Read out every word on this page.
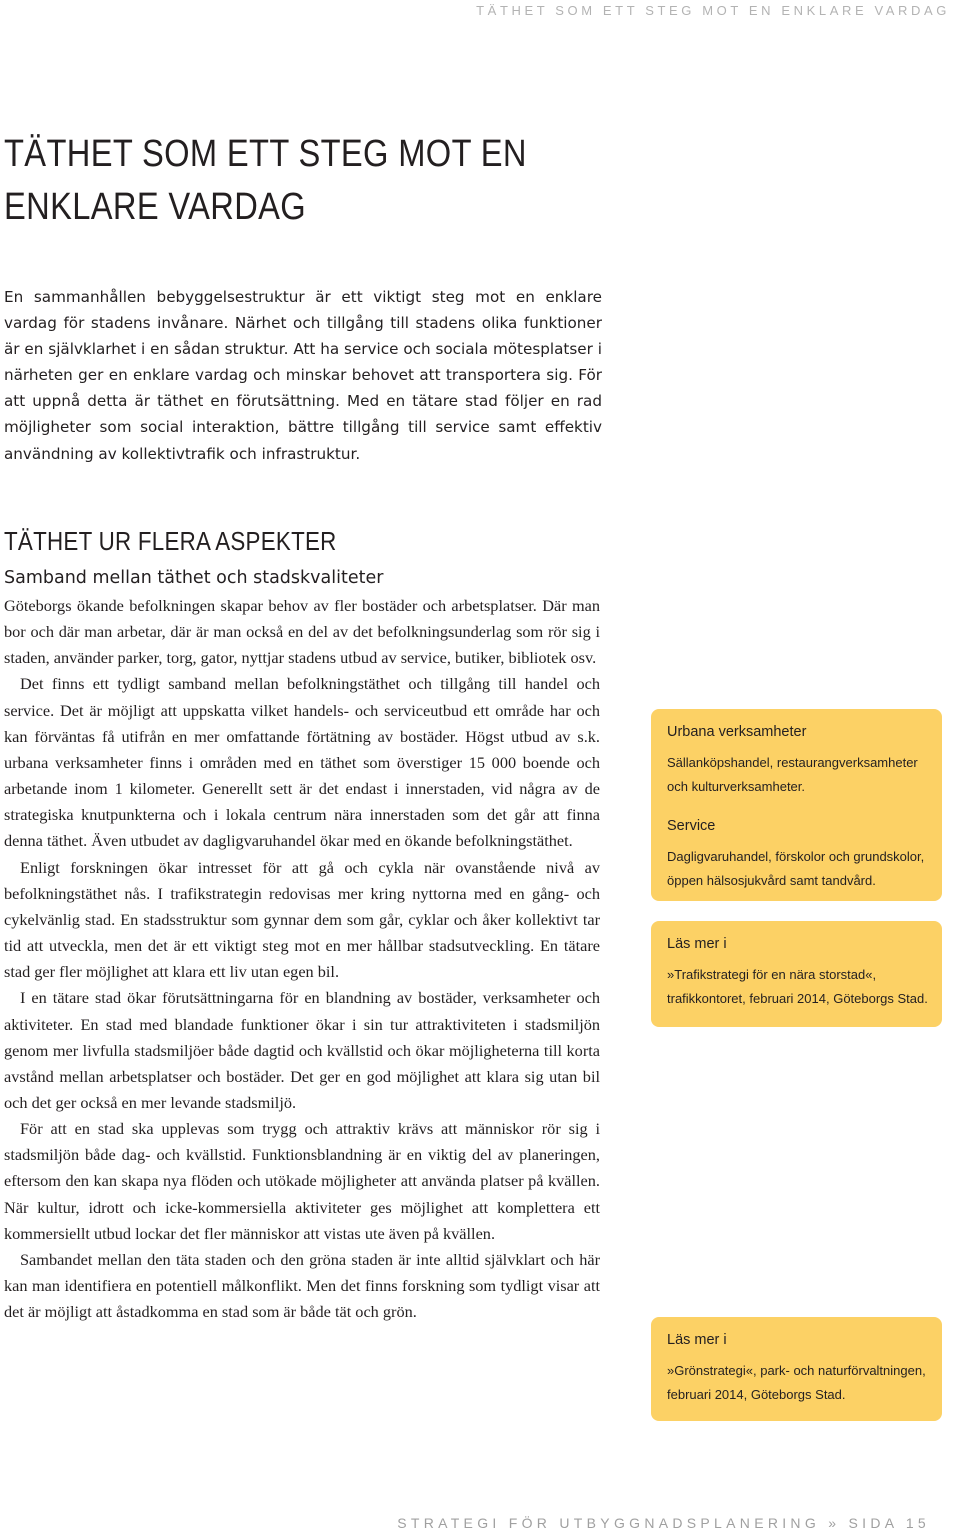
TÄTHET SOM ETT STEG MOT EN ENKLARE VARDAG
TÄTHET SOM ETT STEG MOT EN ENKLARE VARDAG

En sammanhållen bebyggelsestruktur är ett viktigt steg mot en enklare vardag för stadens invånare. Närhet och tillgång till stadens olika funktioner är en självklarhet i en sådan struktur. Att ha service och sociala mötesplatser i närheten ger en enklare vardag och minskar behovet att transportera sig. För att uppnå detta är täthet en förutsättning. Med en tätare stad följer en rad möjligheter som social interaktion, bättre tillgång till service samt effektiv användning av kollektivtrafik och infrastruktur.

TÄTHET UR FLERA ASPEKTER
Samband mellan täthet och stadskvaliteter

Göteborgs ökande befolkningen skapar behov av fler bostäder och arbetsplatser. Där man bor och där man arbetar, där är man också en del av det befolkningsunderlag som rör sig i staden, använder parker, torg, gator, nyttjar stadens utbud av service, butiker, bibliotek osv.

Det finns ett tydligt samband mellan befolkningstäthet och tillgång till handel och service. Det är möjligt att uppskatta vilket handels- och serviceutbud ett område har och kan förväntas få utifrån en mer omfattande förtätning av bostäder. Högst utbud av s.k. urbana verksamheter finns i områden med en täthet som överstiger 15 000 boende och arbetande inom 1 kilometer. Generellt sett är det endast i innerstaden, vid några av de strategiska knutpunkterna och i lokala centrum nära innerstaden som det går att finna denna täthet. Även utbudet av dagligvaruhandel ökar med en ökande befolkningstäthet.

Enligt forskningen ökar intresset för att gå och cykla när ovanstående nivå av befolkningstäthet nås. I trafikstrategin redovisas mer kring nyttorna med en gång- och cykelvänlig stad. En stadsstruktur som gynnar dem som går, cyklar och åker kollektivt tar tid att utveckla, men det är ett viktigt steg mot en mer hållbar stadsutveckling. En tätare stad ger fler möjlighet att klara ett liv utan egen bil.

I en tätare stad ökar förutsättningarna för en blandning av bostäder, verksamheter och aktiviteter. En stad med blandade funktioner ökar i sin tur attraktiviteten i stadsmiljön genom mer livfulla stadsmiljöer både dagtid och kvällstid och ökar möjligheterna till korta avstånd mellan arbetsplatser och bostäder. Det ger en god möjlighet att klara sig utan bil och det ger också en mer levande stadsmiljö.

För att en stad ska upplevas som trygg och attraktiv krävs att människor rör sig i stadsmiljön både dag- och kvällstid. Funktionsblandning är en viktig del av planeringen, eftersom den kan skapa nya flöden och utökade möjligheter att använda platser på kvällen. När kultur, idrott och icke-kommersiella aktiviteter ges möjlighet att komplettera ett kommersiellt utbud lockar det fler människor att vistas ute även på kvällen.

Sambandet mellan den täta staden och den gröna staden är inte alltid självklart och här kan man identifiera en potentiell målkonflikt. Men det finns forskning som tydligt visar att det är möjligt att åstadkomma en stad som är både tät och grön.

Urbana verksamheter

Sällanköpshandel, restaurangverksamheter och kulturverksamheter.

Service

Dagligvaruhandel, förskolor och grundskolor, öppen hälsosjukvård samt tandvård.

Läs mer i

»Trafikstrategi för en nära storstad«, trafikkontoret, februari 2014, Göteborgs Stad.

Läs mer i

»Grönstrategi«, park- och naturförvaltningen, februari 2014, Göteborgs Stad.

STRATEGI FÖR UTBYGGNADSPLANERING » SIDA 15
